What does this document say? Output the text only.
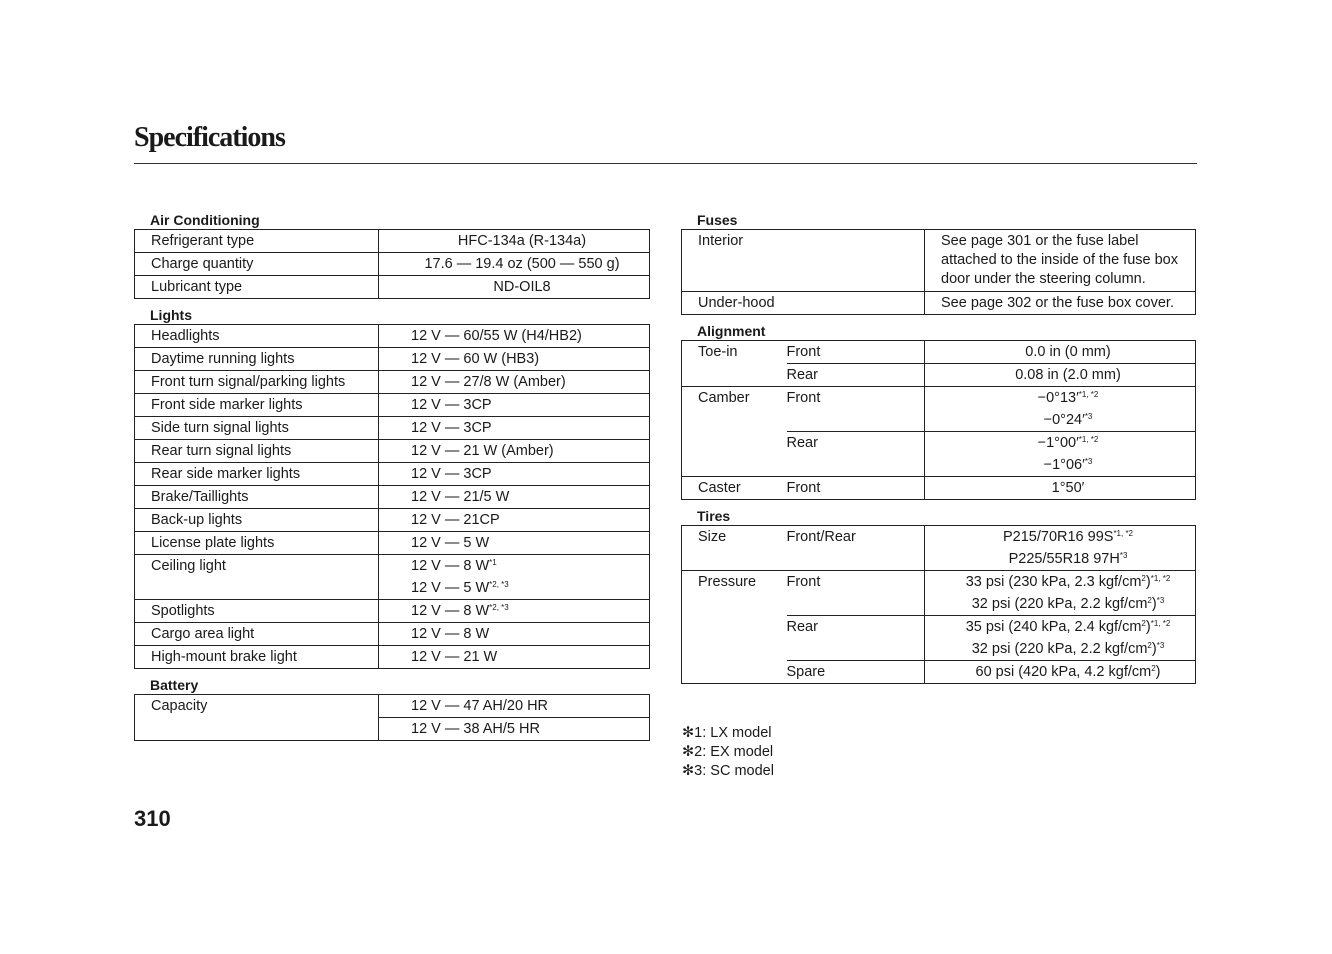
Specifications
Air Conditioning
Refrigerant type	HFC-134a (R-134a)
Charge quantity	17.6 — 19.4 oz (500 — 550 g)
Lubricant type	ND-OIL8
Lights
Headlights	12 V — 60/55 W (H4/HB2)
Daytime running lights	12 V — 60 W (HB3)
Front turn signal/parking lights	12 V — 27/8 W (Amber)
Front side marker lights	12 V — 3CP
Side turn signal lights	12 V — 3CP
Rear turn signal lights	12 V — 21 W (Amber)
Rear side marker lights	12 V — 3CP
Brake/Taillights	12 V — 21/5 W
Back-up lights	12 V — 21CP
License plate lights	12 V — 5 W
Ceiling light	12 V — 8 $W^{*1}$
	12 V — 5 $W^{*2, *3}$
Spotlights	12 V — 8 $W^{*2, *3}$
Cargo area light	12 V — 8 W
High-mount brake light	12 V — 21 W
Battery
Capacity	12 V — 47 AH/20 HR
12 V — 38 AH/5 HR
Fuses
Interior	See page 301 or the fuse label attached to the inside of the fuse box door under the steering column.
Under-hood	See page 302 or the fuse box cover.
Alignment
Toe-in	Front	0.0 in (0 mm)
	Rear	0.08 in (2.0 mm)
Camber	Front	$-0^\circ 13'^{*1, *2}$
		$-0^\circ 24'^{*3}$
	Rear	$-1^\circ 00'^{*1, *2}$
		$-1^\circ 06'^{*3}$
Caster	Front	1°50′
Tires
Size	Front/Rear	P215/70R16 $99S^{*1, *2}$
		P225/55R18 $97H^{*3}$
Pressure	Front	33 psi (230 kPa, 2.3 kgf/$cm^2)^{*1, *2}$
		32 psi (220 kPa, 2.2 kgf/$cm^2)^{*3}$
	Rear	35 psi (240 kPa, 2.4 kgf/$cm^2)^{*1, *2}$
		32 psi (220 kPa, 2.2 kgf/$cm^2)^{*3}$
	Spare	60 psi (420 kPa, 4.2 kgf/$cm^2$)
✻1: LX model
✻2: EX model
✻3: SC model
310
